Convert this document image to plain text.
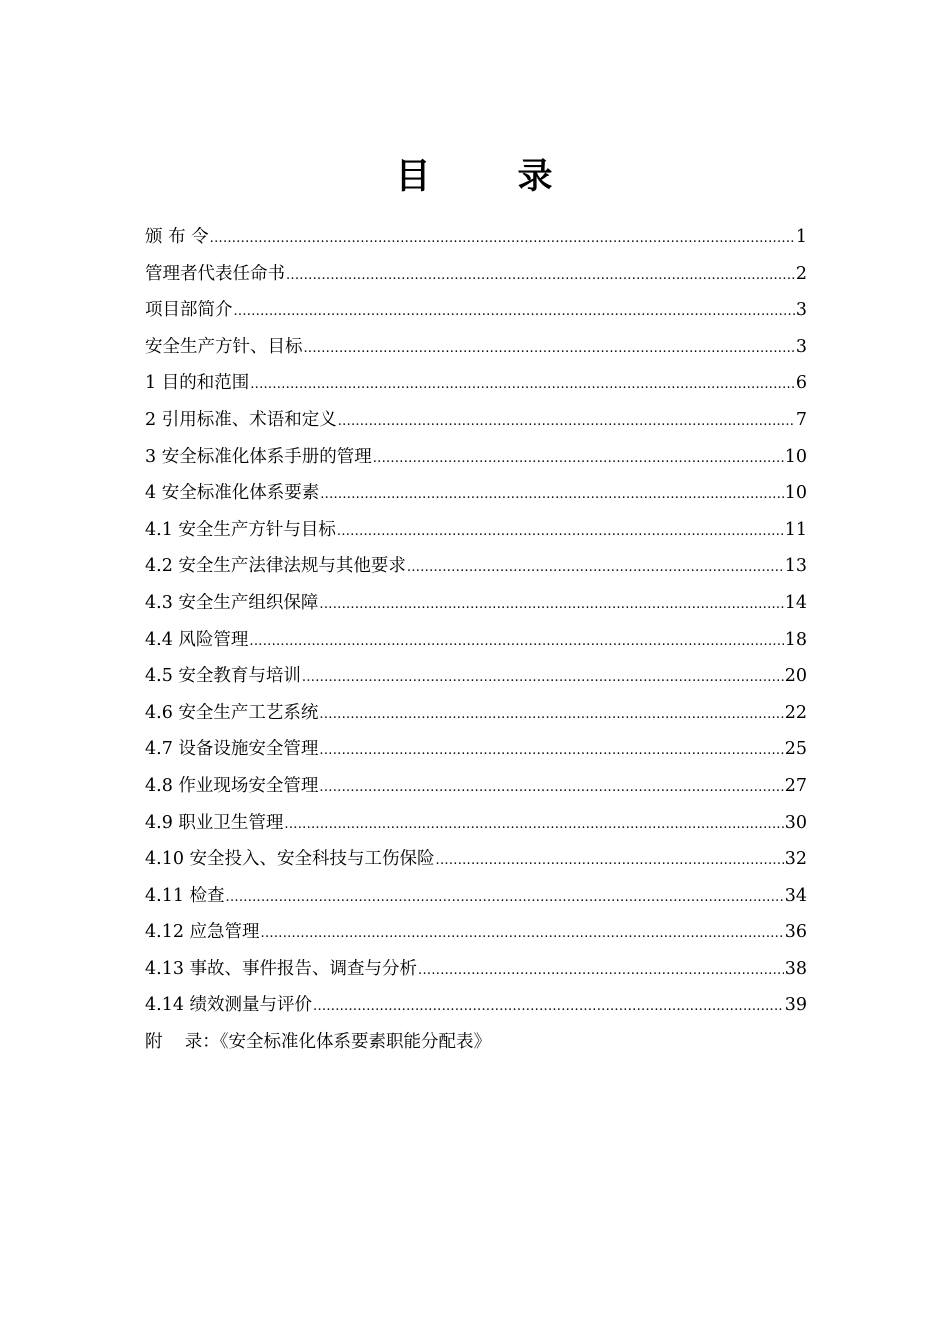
目      录
颁 布 令 .....	1
管理者代表任命书 .....	2
项目部简介 .....	3
安全生产方针、目标 .....	3
1 目的和范围 .....	6
2 引用标准、术语和定义 .....	7
3 安全标准化体系手册的管理 .....	10
4 安全标准化体系要素 .....	10
4.1 安全生产方针与目标 .....	11
4.2 安全生产法律法规与其他要求 .....	13
4.3 安全生产组织保障 .....	14
4.4 风险管理 .....	18
4.5 安全教育与培训 .....	20
4.6 安全生产工艺系统 .....	22
4.7 设备设施安全管理 .....	25
4.8 作业现场安全管理 .....	27
4.9 职业卫生管理 .....	30
4.10 安全投入、安全科技与工伤保险 .....	32
4.11 检查 .....	34
4.12 应急管理 .....	36
4.13 事故、事件报告、调查与分析 .....	38
4.14 绩效测量与评价 .....	39
附    录：《安全标准化体系要素职能分配表》
